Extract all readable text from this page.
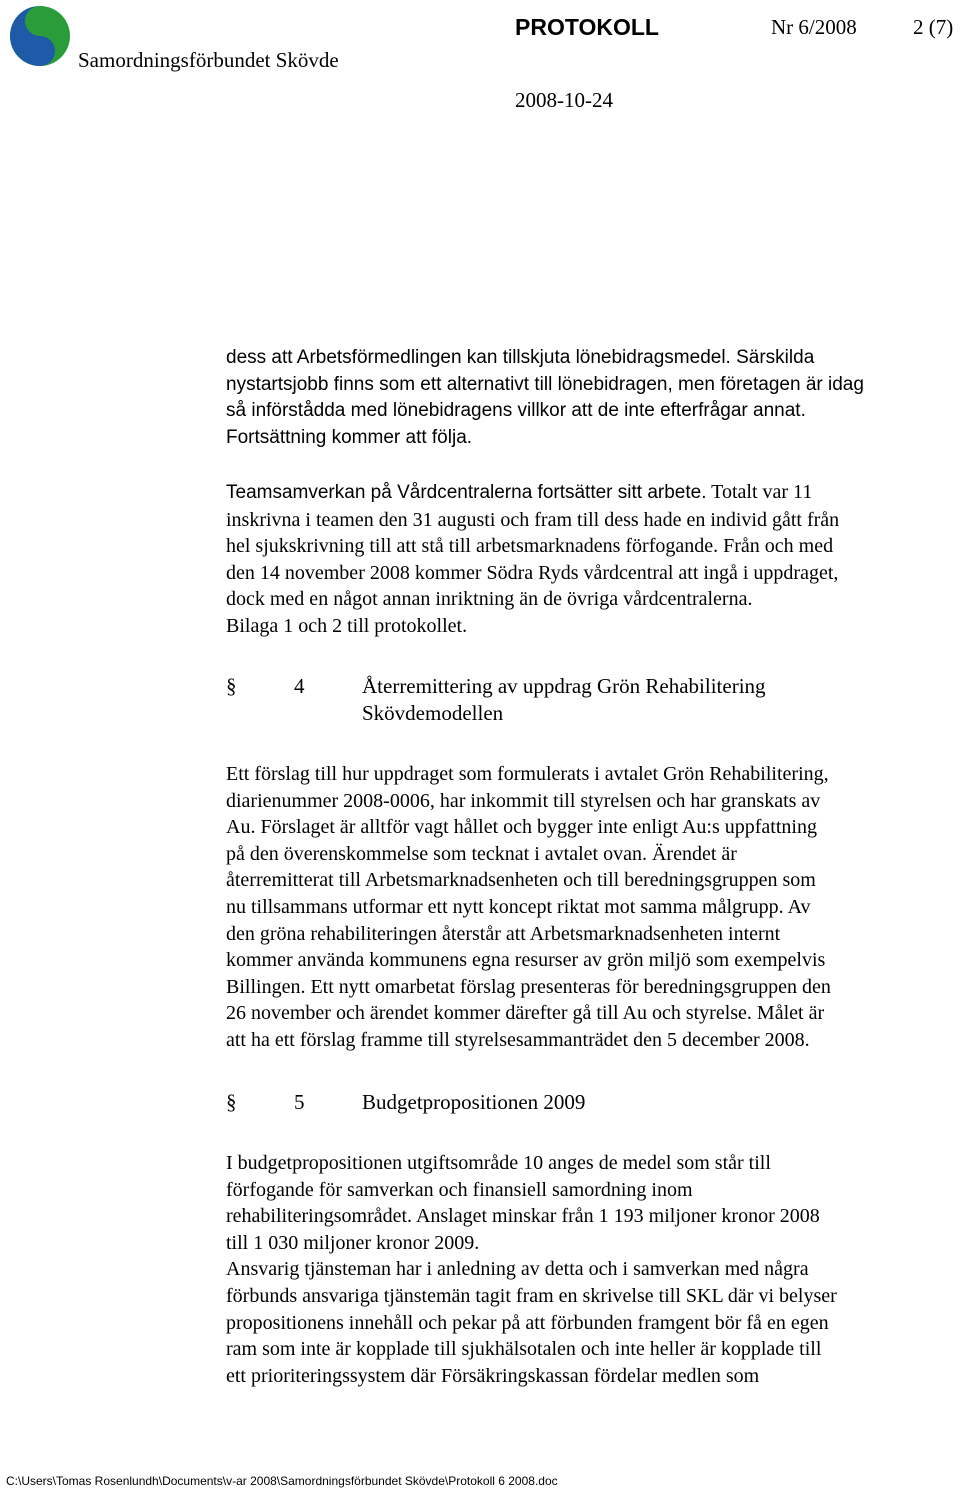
Samordningsförbundet Skövde
PROTOKOLL	Nr 6/2008	2 (7)
2008-10-24

dess att Arbetsförmedlingen kan tillskjuta lönebidragsmedel. Särskilda
nystartsjobb finns som ett alternativt till lönebidragen, men företagen är idag
så införstådda med lönebidragens villkor att de inte efterfrågar annat.
Fortsättning kommer att följa.

Teamsamverkan på Vårdcentralerna fortsätter sitt arbete. Totalt var 11
inskrivna i teamen den 31 augusti och fram till dess hade en individ gått från
hel sjukskrivning till att stå till arbetsmarknadens förfogande. Från och med
den 14 november 2008 kommer Södra Ryds vårdcentral att ingå i uppdraget,
dock med en något annan inriktning än de övriga vårdcentralerna.
Bilaga 1 och 2 till protokollet.

§	4	Återremittering av uppdrag Grön Rehabilitering
Skövdemodellen

Ett förslag till hur uppdraget som formulerats i avtalet Grön Rehabilitering,
diarienummer 2008-0006, har inkommit till styrelsen och har granskats av
Au. Förslaget är alltför vagt hållet och bygger inte enligt Au:s uppfattning
på den överenskommelse som tecknat i avtalet ovan. Ärendet är
återremitterat till Arbetsmarknadsenheten och till beredningsgruppen som
nu tillsammans utformar ett nytt koncept riktat mot samma målgrupp. Av
den gröna rehabiliteringen återstår att Arbetsmarknadsenheten internt
kommer använda kommunens egna resurser av grön miljö som exempelvis
Billingen. Ett nytt omarbetat förslag presenteras för beredningsgruppen den
26 november och ärendet kommer därefter gå till Au och styrelse. Målet är
att ha ett förslag framme till styrelsesammanträdet den 5 december 2008.

§	5	Budgetpropositionen 2009

I budgetpropositionen utgiftsområde 10 anges de medel som står till
förfogande för samverkan och finansiell samordning inom
rehabiliteringsområdet. Anslaget minskar från 1 193 miljoner kronor 2008
till 1 030 miljoner kronor 2009.
Ansvarig tjänsteman har i anledning av detta och i samverkan med några
förbunds ansvariga tjänstemän tagit fram en skrivelse till SKL där vi belyser
propositionens innehåll och pekar på att förbunden framgent bör få en egen
ram som inte är kopplade till sjukhälsotalen och inte heller är kopplade till
ett prioriteringssystem där Försäkringskassan fördelar medlen som

C:\Users\Tomas Rosenlundh\Documents\v-ar 2008\Samordningsförbundet Skövde\Protokoll 6 2008.doc
